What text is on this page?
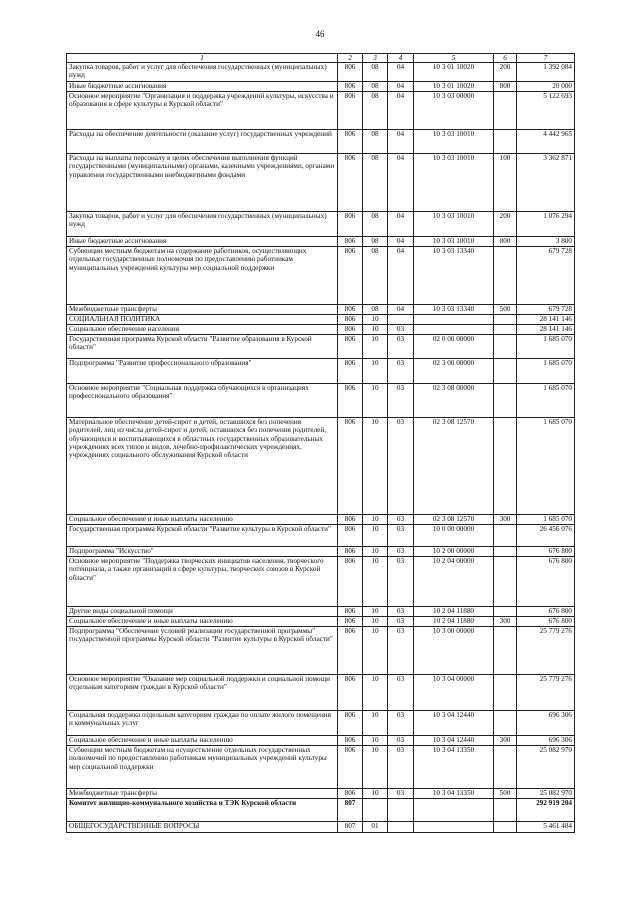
46
1	2	3	4	5	6	7
Закупка товаров, работ и услуг для обеспечения государственных (муниципальных) нужд	806	08	04	10 3 01 10020	200	1 392 084
Иные бюджетные ассигнования	806	08	04	10 3 01 10020	800	20 000
Основное мероприятие "Организация и поддержка учреждений культуры, искусства и образования в сфере культуры в Курской области"	806	08	04	10 3 03 00000		5 122 693
Расходы на обеспечение деятельности (оказание услуг) государственных учреждений	806	08	04	10 3 03 10010		4 442 965
Расходы на выплаты персоналу в целях обеспечения выполнения функций государственными (муниципальными) органами, казенными учреждениями, органами управления государственными внебюджетными фондами	806	08	04	10 3 03 10010	100	3 362 871
Закупка товаров, работ и услуг для обеспечения государственных (муниципальных) нужд	806	08	04	10 3 03 10010	200	1 076 294
Иные бюджетные ассигнования	806	08	04	10 3 03 10010	800	3 800
Субвенции местным бюджетам на содержание работников, осуществляющих отдельные государственные полномочия по предоставлению работникам муниципальных учреждений культуры мер социальной поддержки	806	08	04	10 3 03 13340		679 728
Межбюджетные трансферты	806	08	04	10 3 03 13340	500	679 728
СОЦИАЛЬНАЯ ПОЛИТИКА	806	10				28 141 146
Социальное обеспечение населения	806	10	03			28 141 146
Государственная программа Курской области "Развитие образования в Курской области"	806	10	03	02 0 00 00000		1 685 070
Подпрограмма "Развитие профессионального образования"	806	10	03	02 3 00 00000		1 685 070
Основное мероприятие "Социальная поддержка обучающихся в организациях профессионального образования"	806	10	03	02 3 08 00000		1 685 070
Материальное обеспечение детей-сирот и детей, оставшихся без попечения родителей, лиц из числа детей-сирот и детей, оставшихся без попечения родителей, обучающихся и воспитывающихся в областных государственных образовательных учреждениях всех типов и видов, лечебно-профилактических учреждениях, учреждениях социального обслуживания Курской области	806	10	03	02 3 08 12570		1 685 070
Социальное обеспечение и иные выплаты населению	806	10	03	02 3 08 12570	300	1 685 070
Государственная программа Курской области "Развитие культуры в Курской области"	806	10	03	10 0 00 00000		26 456 076
Подпрограмма "Искусство"	806	10	03	10 2 00 00000		676 800
Основное мероприятие "Поддержка творческих инициатив населения, творческого потенциала, а также организаций в сфере культуры, творческих союзов в Курской области"	806	10	03	10 2 04 00000		676 800
Другие виды социальной помощи	806	10	03	10 2 04 11880		676 800
Социальное обеспечение и иные выплаты населению	806	10	03	10 2 04 11880	300	676 800
Подпрограмма "Обеспечение условий реализации государственной программы" государственной программы Курской области "Развитие культуры в Курской области"	806	10	03	10 3 00 00000		25 779 276
Основное мероприятие "Оказание мер социальной поддержки и социальной помощи отдельным категориям граждан в Курской области"	806	10	03	10 3 04 00000		25 779 276
Социальная поддержка отдельным категориям граждан по оплате жилого помещения и коммунальных услуг	806	10	03	10 3 04 12440		696 306
Социальное обеспечение и иные выплаты населению	806	10	03	10 3 04 12440	300	696 306
Субвенции местным бюджетам на осуществление отдельных государственных полномочий по предоставлению работникам муниципальных учреждений культуры мер социальной поддержки	806	10	03	10 3 04 13350		25 082 970
Межбюджетные трансферты	806	10	03	10 3 04 13350	500	25 082 970
Комитет жилищно-коммунального хозяйства и ТЭК Курской области	807					292 919 204
ОБЩЕГОСУДАРСТВЕННЫЕ ВОПРОСЫ	807	01				5 461 484
